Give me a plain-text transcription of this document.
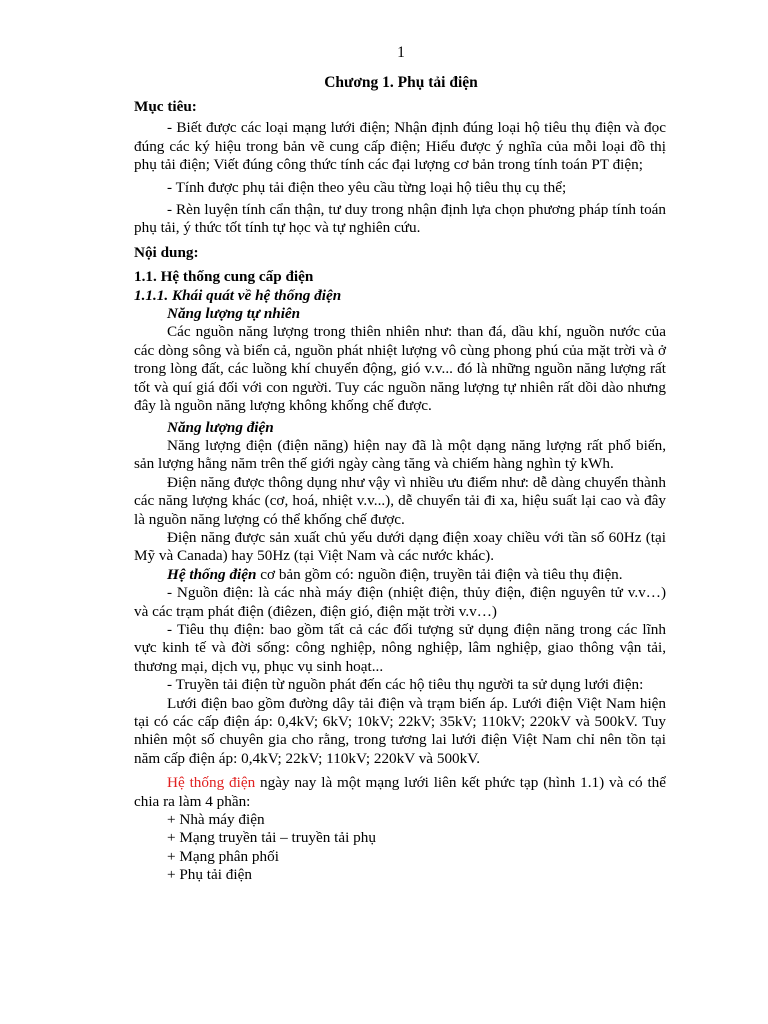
1
Chương 1. Phụ tải điện

Mục tiêu:

- Biết được các loại mạng lưới điện; Nhận định đúng loại hộ tiêu thụ điện và đọc đúng các ký hiệu trong bản vẽ cung cấp điện; Hiểu được ý nghĩa của mỗi loại đồ thị phụ tải điện; Viết đúng công thức tính các đại lượng cơ bản trong tính toán PT điện;

- Tính được phụ tải điện theo yêu cầu từng loại hộ tiêu thụ cụ thể;

- Rèn luyện tính cẩn thận, tư duy trong nhận định lựa chọn phương pháp tính toán phụ tải, ý thức tốt tính tự học và tự nghiên cứu.

Nội dung:

1.1. Hệ thống cung cấp điện

1.1.1. Khái quát về hệ thống điện

Năng lượng tự nhiên

Các nguồn năng lượng trong thiên nhiên như: than đá, dầu khí, nguồn nước của các dòng sông và biển cả, nguồn phát nhiệt lượng vô cùng phong phú của mặt trời và ở trong lòng đất, các luồng khí chuyển động, gió v.v... đó là những nguồn năng lượng rất tốt và quí giá đối với con người. Tuy các nguồn năng lượng tự nhiên rất dồi dào nhưng đây là nguồn năng lượng không khống chế được.

Năng lượng điện

Năng lượng điện (điện năng) hiện nay đã là một dạng năng lượng rất phổ biến, sản lượng hằng năm trên thế giới ngày càng tăng và chiếm hàng nghìn tỷ kWh.

Điện năng được thông dụng như vậy vì nhiều ưu điểm như: dễ dàng chuyển thành các năng lượng khác (cơ, hoá, nhiệt v.v...), dễ chuyển tải đi xa, hiệu suất lại cao và đây là nguồn năng lượng có thể khống chế được.

Điện năng được sản xuất chủ yếu dưới dạng điện xoay chiều với tần số 60Hz (tại Mỹ và Canada) hay 50Hz (tại Việt Nam và các nước khác).

Hệ thống điện cơ bản gồm có: nguồn điện, truyền tải điện và tiêu thụ điện.

- Nguồn điện: là các nhà máy điện (nhiệt điện, thủy điện, điện nguyên tử v.v…) và các trạm phát điện (điêzen, điện gió, điện mặt trời v.v…)

- Tiêu thụ điện: bao gồm tất cả các đối tượng sử dụng điện năng trong các lĩnh vực kinh tế và đời sống: công nghiệp, nông nghiệp, lâm nghiệp, giao thông vận tải, thương mại, dịch vụ, phục vụ sinh hoạt...

- Truyền tải điện từ nguồn phát đến các hộ tiêu thụ người ta sử dụng lưới điện:

Lưới điện bao gồm đường dây tải điện và trạm biến áp. Lưới điện Việt Nam hiện tại có các cấp điện áp: 0,4kV; 6kV; 10kV; 22kV; 35kV; 110kV; 220kV và 500kV. Tuy nhiên một số chuyên gia cho rằng, trong tương lai lưới điện Việt Nam chỉ nên tồn tại năm cấp điện áp: 0,4kV; 22kV; 110kV; 220kV và 500kV.

Hệ thống điện ngày nay là một mạng lưới liên kết phức tạp (hình 1.1) và có thể chia ra làm 4 phần:

+ Nhà máy điện

+ Mạng truyền tải – truyền tải phụ

+ Mạng phân phối

+ Phụ tải điện
